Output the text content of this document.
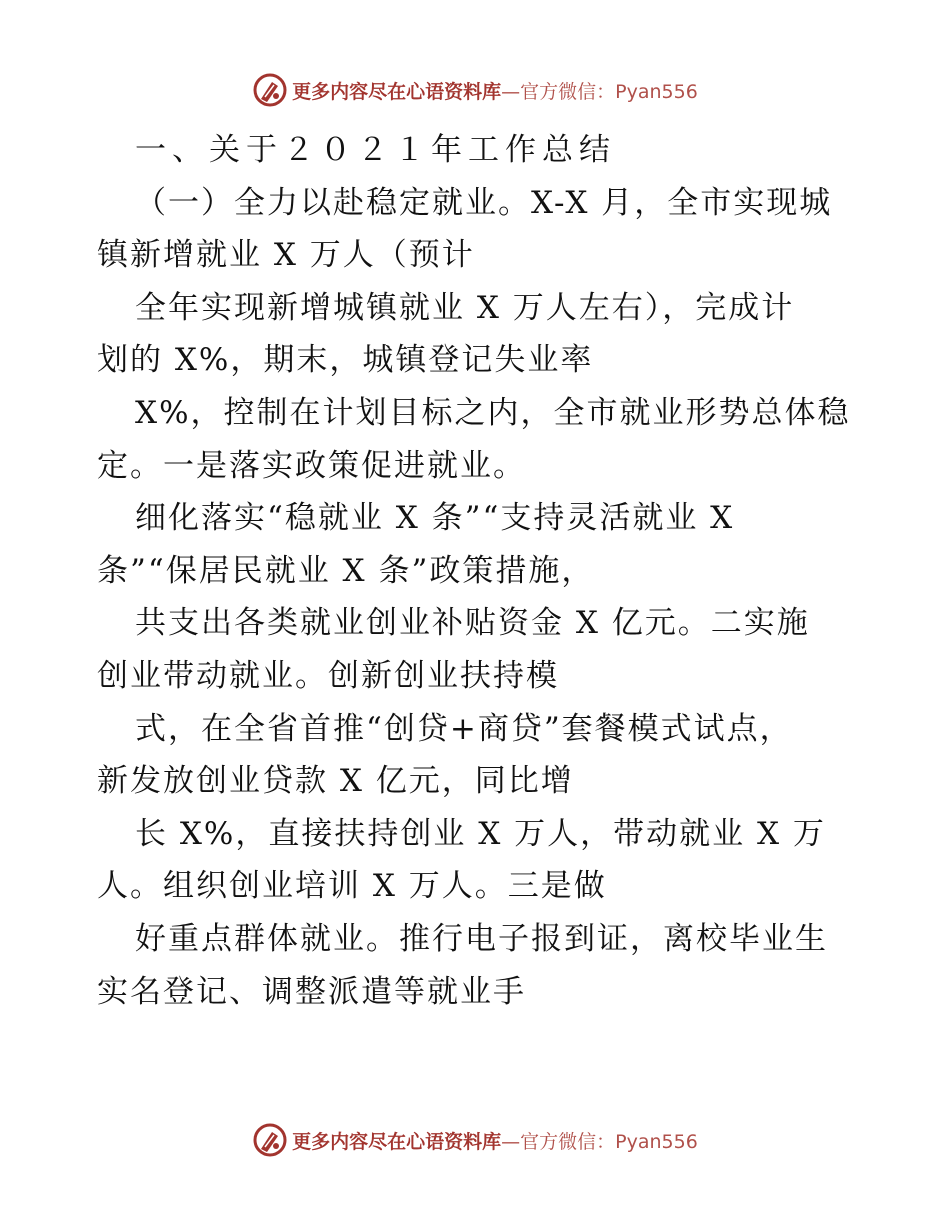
更多内容尽在心语资料库—官方微信：Pyan556
一、关于２０２１年工作总结
（一）全力以赴稳定就业。X-X 月，全市实现城
镇新增就业 X 万人（预计
全年实现新增城镇就业 X 万人左右），完成计
划的 X%，期末，城镇登记失业率
X%，控制在计划目标之内，全市就业形势总体稳
定。一是落实政策促进就业。
细化落实“稳就业 X 条”“支持灵活就业 X
条”“保居民就业 X 条”政策措施，
共支出各类就业创业补贴资金 X 亿元。二实施
创业带动就业。创新创业扶持模
式，在全省首推“创贷+商贷”套餐模式试点，
新发放创业贷款 X 亿元，同比增
长 X%，直接扶持创业 X 万人，带动就业 X 万
人。组织创业培训 X 万人。三是做
好重点群体就业。推行电子报到证，离校毕业生
实名登记、调整派遣等就业手
更多内容尽在心语资料库—官方微信：Pyan556
